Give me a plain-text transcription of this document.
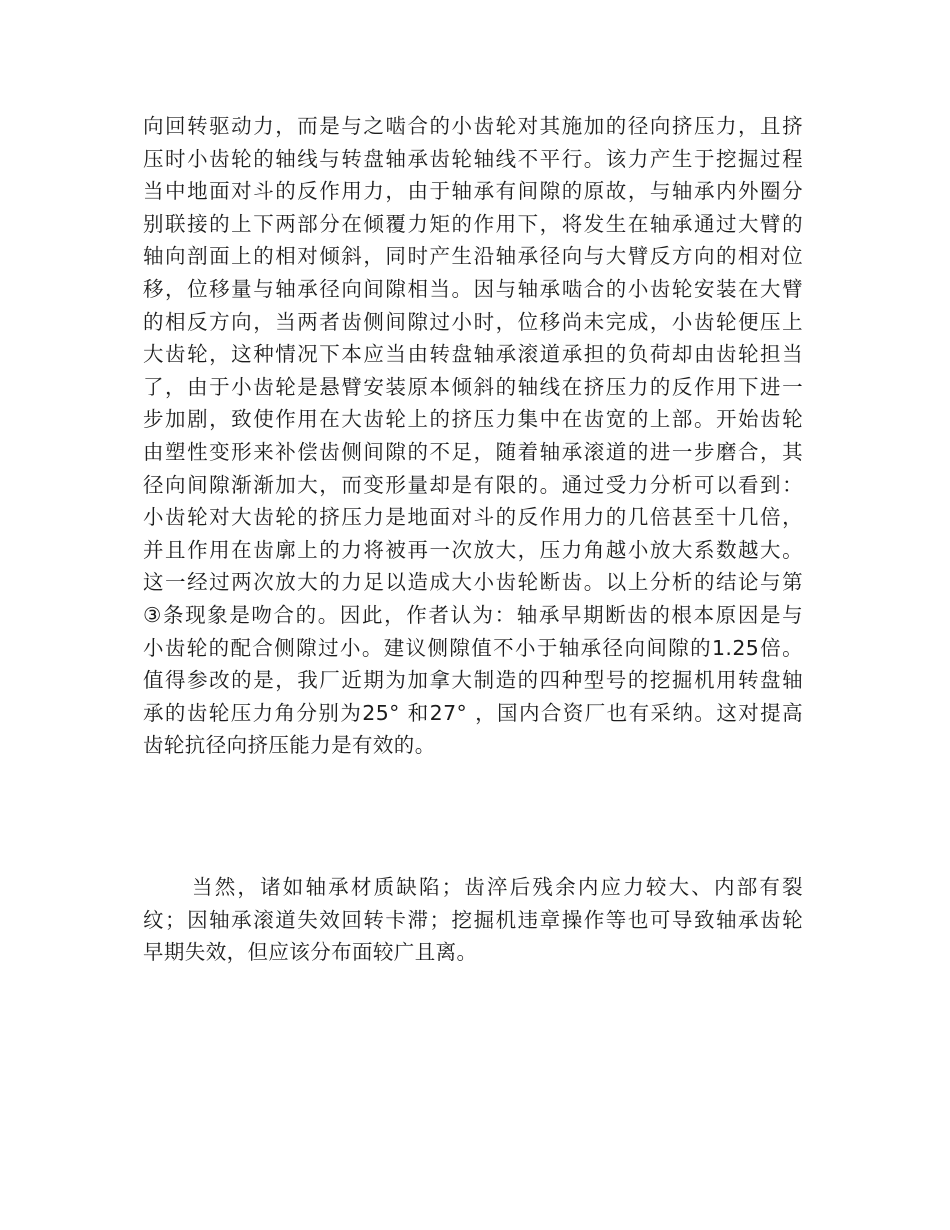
向回转驱动力，而是与之啮合的小齿轮对其施加的径向挤压力，且挤
压时小齿轮的轴线与转盘轴承齿轮轴线不平行。该力产生于挖掘过程
当中地面对斗的反作用力，由于轴承有间隙的原故，与轴承内外圈分
别联接的上下两部分在倾覆力矩的作用下，将发生在轴承通过大臂的
轴向剖面上的相对倾斜，同时产生沿轴承径向与大臂反方向的相对位
移，位移量与轴承径向间隙相当。因与轴承啮合的小齿轮安装在大臂
的相反方向，当两者齿侧间隙过小时，位移尚未完成，小齿轮便压上
大齿轮，这种情况下本应当由转盘轴承滚道承担的负荷却由齿轮担当
了，由于小齿轮是悬臂安装原本倾斜的轴线在挤压力的反作用下进一
步加剧，致使作用在大齿轮上的挤压力集中在齿宽的上部。开始齿轮
由塑性变形来补偿齿侧间隙的不足，随着轴承滚道的进一步磨合，其
径向间隙渐渐加大，而变形量却是有限的。通过受力分析可以看到：
小齿轮对大齿轮的挤压力是地面对斗的反作用力的几倍甚至十几倍，
并且作用在齿廓上的力将被再一次放大，压力角越小放大系数越大。
这一经过两次放大的力足以造成大小齿轮断齿。以上分析的结论与第
③条现象是吻合的。因此，作者认为：轴承早期断齿的根本原因是与
小齿轮的配合侧隙过小。建议侧隙值不小于轴承径向间隙的1.25倍。
值得参改的是，我厂近期为加拿大制造的四种型号的挖掘机用转盘轴
承的齿轮压力角分别为25° 和27° ，国内合资厂也有采纳。这对提高
齿轮抗径向挤压能力是有效的。
当然，诸如轴承材质缺陷；齿淬后残余内应力较大、内部有裂
纹；因轴承滚道失效回转卡滞；挖掘机违章操作等也可导致轴承齿轮
早期失效，但应该分布面较广且离。
